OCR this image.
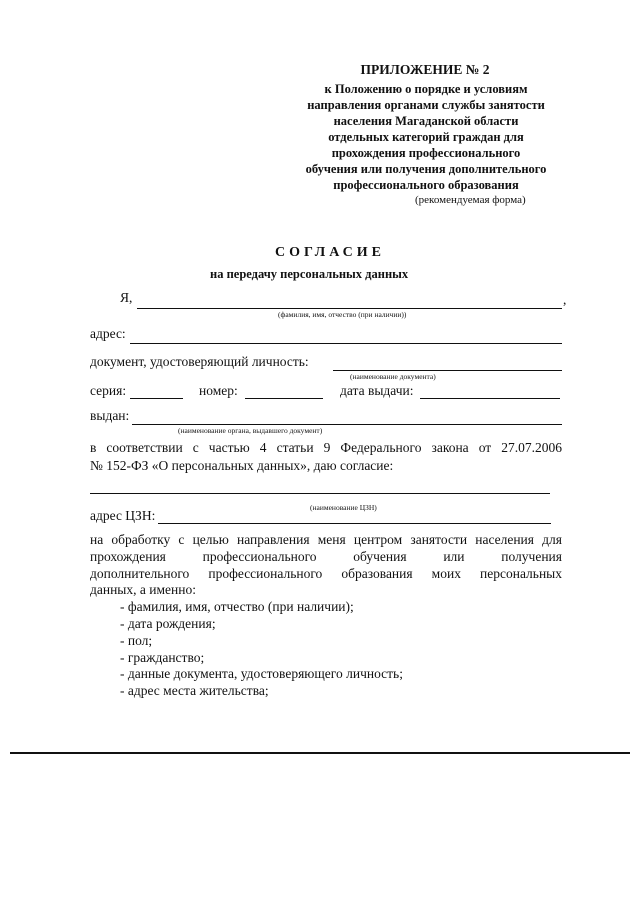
ПРИЛОЖЕНИЕ № 2
к Положению о порядке и условиям
направления органами службы занятости
населения Магаданской области
отдельных категорий граждан для
прохождения профессионального
обучения или получения дополнительного
профессионального образования
(рекомендуемая форма)
СОГЛАСИЕ
на передачу персональных данных
Я,	,
(фамилия, имя, отчество (при наличии))
адрес:
документ, удостоверяющий личность:
(наименование документа)
серия:	номер:	дата выдачи:
выдан:
(наименование органа, выдавшего документ)
в соответствии с частью 4 статьи 9 Федерального закона от 27.07.2006
№ 152-ФЗ «О персональных данных», даю согласие:
(наименование ЦЗН)
адрес ЦЗН:
на обработку с целью направления меня центром занятости населения для
прохождения профессионального обучения или получения
дополнительного профессионального образования моих персональных
данных, а именно:
- фамилия, имя, отчество (при наличии);
- дата рождения;
- пол;
- гражданство;
- данные документа, удостоверяющего личность;
- адрес места жительства;
